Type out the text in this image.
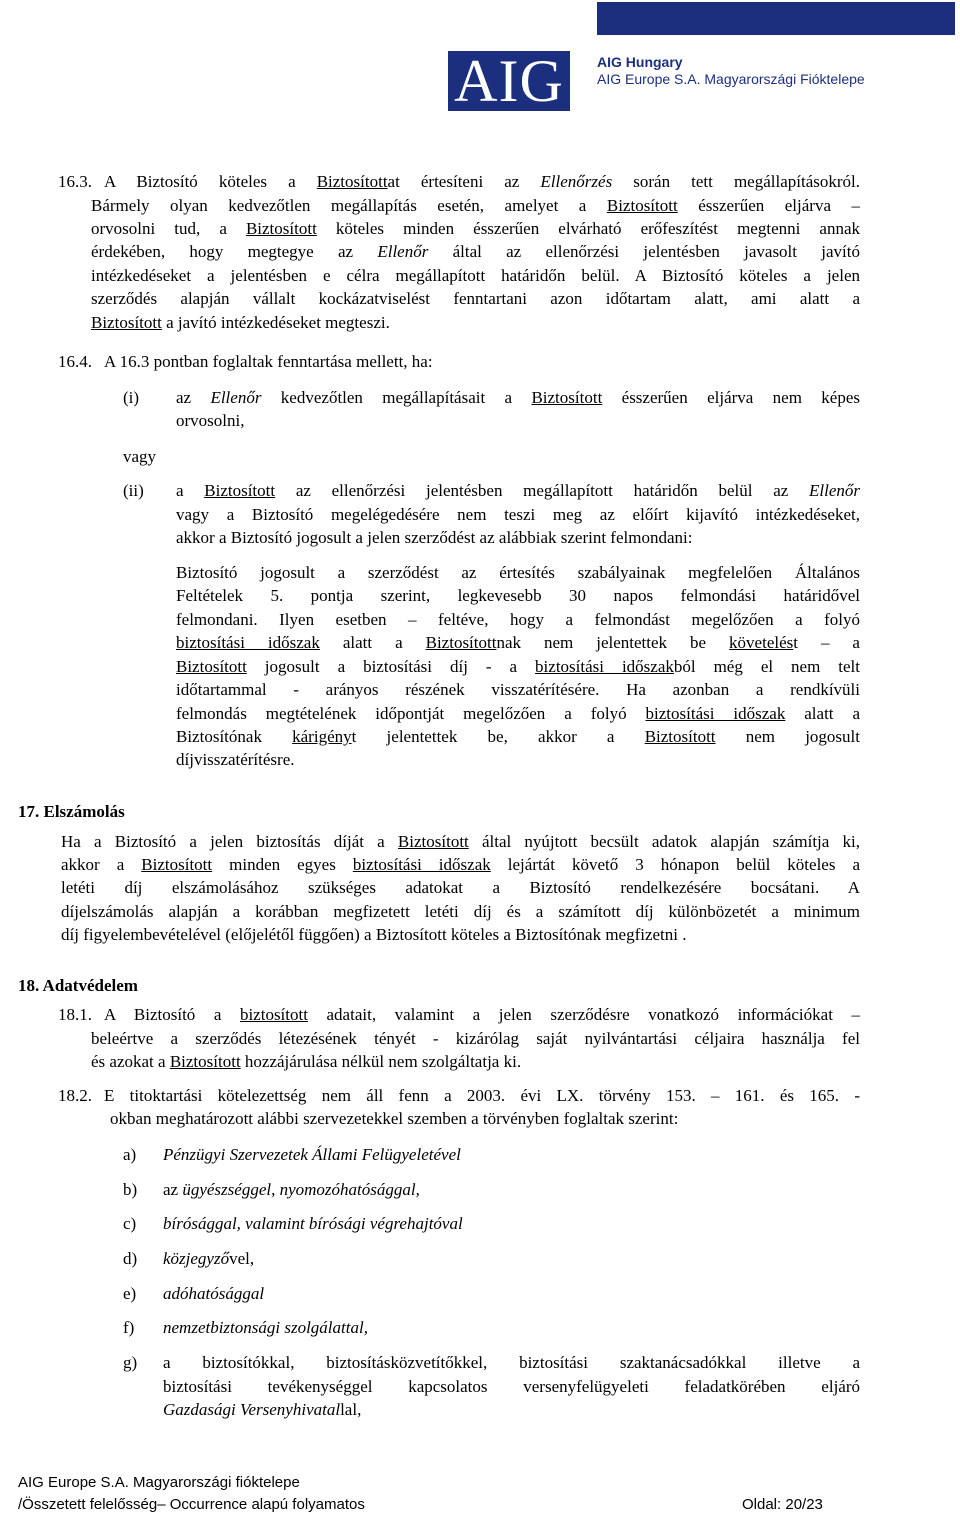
AIG	AIG Hungary
AIG Europe S.A. Magyarországi Fióktelepe
16.3. A Biztosító köteles a Biztosítottat értesíteni az Ellenőrzés során tett megállapításokról.
Bármely olyan kedvezőtlen megállapítás esetén, amelyet a Biztosított ésszerűen eljárva –
orvosolni tud, a Biztosított köteles minden ésszerűen elvárható erőfeszítést megtenni annak
érdekében, hogy megtegye az Ellenőr által az ellenőrzési jelentésben javasolt javító
intézkedéseket a jelentésben e célra megállapított határidőn belül. A Biztosító köteles a jelen
szerződés alapján vállalt kockázatviselést fenntartani azon időtartam alatt, ami alatt a
Biztosított a javító intézkedéseket megteszi.
16.4. A 16.3 pontban foglaltak fenntartása mellett, ha:
(i) az Ellenőr kedvezőtlen megállapításait a Biztosított ésszerűen eljárva nem képes
orvosolni,
vagy
(ii) a Biztosított az ellenőrzési jelentésben megállapított határidőn belül az Ellenőr
vagy a Biztosító megelégedésére nem teszi meg az előírt kijavító intézkedéseket,
akkor a Biztosító jogosult a jelen szerződést az alábbiak szerint felmondani:
Biztosító jogosult a szerződést az értesítés szabályainak megfelelően Általános
Feltételek 5. pontja szerint, legkevesebb 30 napos felmondási határidővel
felmondani. Ilyen esetben – feltéve, hogy a felmondást megelőzően a folyó
biztosítási időszak alatt a Biztosítottnak nem jelentettek be követelést – a
Biztosított jogosult a biztosítási díj - a biztosítási időszakból még el nem telt
időtartammal - arányos részének visszatérítésére. Ha azonban a rendkívüli
felmondás megtételének időpontját megelőzően a folyó biztosítási időszak alatt a
Biztosítónak kárigényt jelentettek be, akkor a Biztosított nem jogosult
díjvisszatérítésre.
17. Elszámolás
Ha a Biztosító a jelen biztosítás díját a Biztosított által nyújtott becsült adatok alapján számítja ki,
akkor a Biztosított minden egyes biztosítási időszak lejártát követő 3 hónapon belül köteles a
letéti díj elszámolásához szükséges adatokat a Biztosító rendelkezésére bocsátani. A
díjelszámolás alapján a korábban megfizetett letéti díj és a számított díj különbözetét a minimum
díj figyelembevételével (előjelétől függően) a Biztosított köteles a Biztosítónak megfizetni .
18. Adatvédelem
18.1. A Biztosító a biztosított adatait, valamint a jelen szerződésre vonatkozó információkat –
beleértve a szerződés létezésének tényét - kizárólag saját nyilvántartási céljaira használja fel
és azokat a Biztosított hozzájárulása nélkül nem szolgáltatja ki.
18.2. E titoktartási kötelezettség nem áll fenn a 2003. évi LX. törvény 153. – 161. és 165. -
okban meghatározott alábbi szervezetekkel szemben a törvényben foglaltak szerint:
a) Pénzügyi Szervezetek Állami Felügyeletével
b) az ügyészséggel, nyomozóhatósággal,
c) bírósággal, valamint bírósági végrehajtóval
d) közjegyzővel,
e) adóhatósággal
f) nemzetbiztonsági szolgálattal,
g) a biztosítókkal, biztosításközvetítőkkel, biztosítási szaktanácsadókkal illetve a
biztosítási tevékenységgel kapcsolatos versenyfelügyeleti feladatkörében eljáró
Gazdasági Versenyhivatallal,
AIG Europe S.A. Magyarországi fióktelepe
/Összetett felelősség– Occurrence alapú folyamatos	Oldal: 20/23
